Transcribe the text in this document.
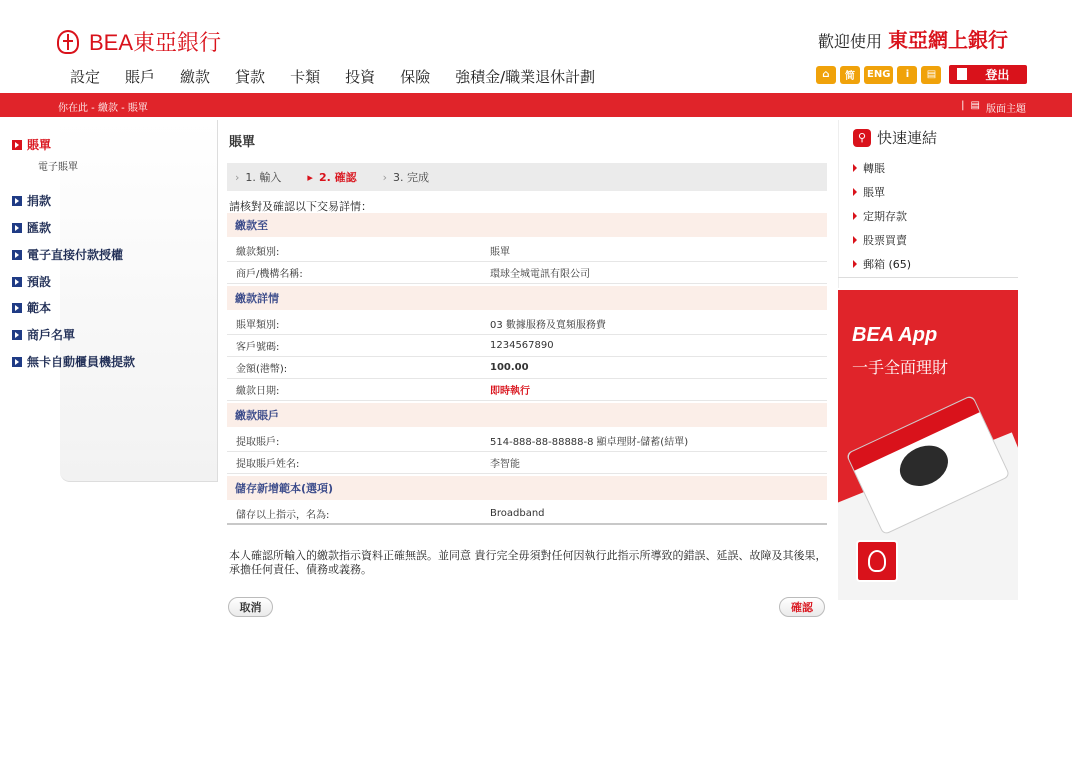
BEA東亞銀行	歡迎使用 東亞網上銀行
設定 賬戶 繳款 貸款 卡類 投資 保險 強積金/職業退休計劃	⌂	简	ENG	i	▤	登出
你在此 - 繳款 - 賬單	| ▤ 版面主題
賬單
電子賬單
捐款
匯款
電子直接付款授權
預設
範本
商戶名單
無卡自動櫃員機提款
賬單
› 1. 輸入 ▸ 2. 確認 › 3. 完成
請核對及確認以下交易詳情：
繳款至
繳款類別:	賬單
商戶/機構名稱:	環球全城電訊有限公司
繳款詳情
賬單類別:	03 數據服務及寬頻服務費
客戶號碼:	1234567890
金額(港幣):	100.00
繳款日期:	即時執行
繳款賬戶
提取賬戶:	514-888-88-88888-8 顯卓理財-儲蓄(結單)
提取賬戶姓名:	李智能
儲存新增範本(選項)
儲存以上指示，名為:	Broadband
本人確認所輸入的繳款指示資料正確無誤。並同意 貴行完全毋須對任何因執行此指示所導致的錯誤、延誤、故障及其後果，承擔任何責任、債務或義務。
取消	確認
⚲ 快速連結
轉賬
賬單
定期存款
股票買賣
郵箱 (65)
BEA App
一手全面理財
